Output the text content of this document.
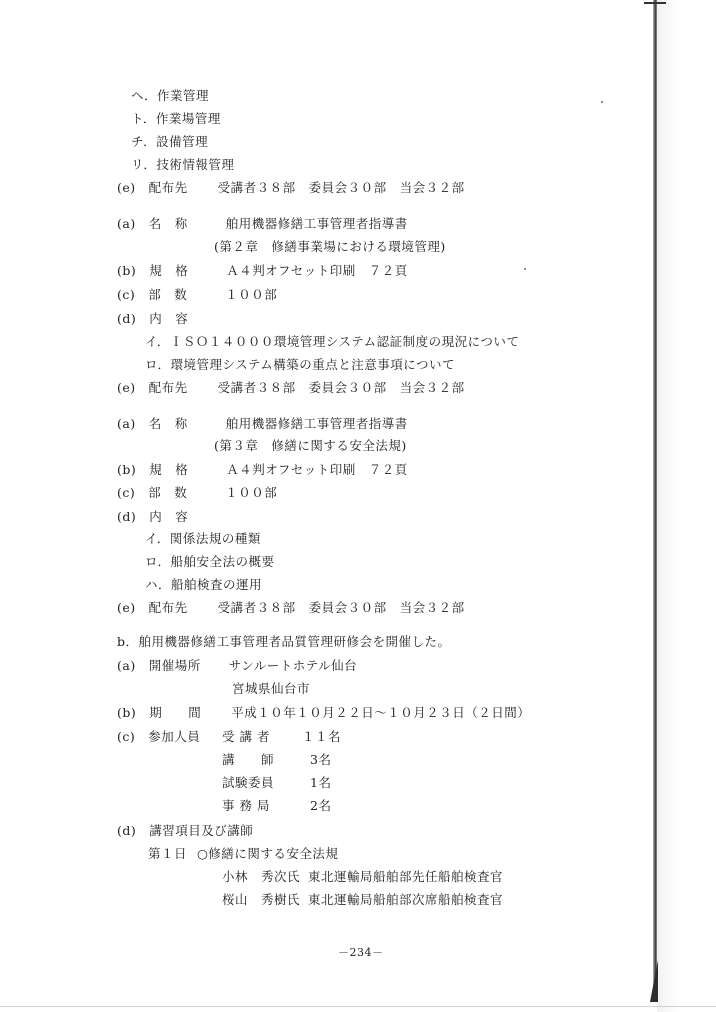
ヘ．作業管理
ト．作業場管理
チ．設備管理
リ．技術情報管理
(e)　配布先 受講者３８部　委員会３０部　当会３２部
(a)　名　称	舶用機器修繕工事管理者指導書
(第２章　修繕事業場における環境管理)
(b)　規　格	Ａ４判オフセット印刷　７２頁
(c)　部　数	１００部
(d)　内　容
イ．ＩＳＯ１４０００環境管理システム認証制度の現況について
ロ．環境管理システム構築の重点と注意事項について
(e)　配布先 受講者３８部　委員会３０部　当会３２部
(a)　名　称	舶用機器修繕工事管理者指導書
(第３章　修繕に関する安全法規)
(b)　規　格	Ａ４判オフセット印刷　７２頁
(c)　部　数	１００部
(d)　内　容
イ．関係法規の種類
ロ．船舶安全法の概要
ハ．船舶検査の運用
(e)　配布先 受講者３８部　委員会３０部　当会３２部
b．舶用機器修繕工事管理者品質管理研修会を開催した。
(a)　開催場所 サンルートホテル仙台
宮城県仙台市
(b)　期　　間 平成１０年１０月２２日～１０月２３日（２日間）
(c)　参加人員 受 講 者	１１名
講　　師	3名
試験委員	1名
事 務 局	2名
(d)　講習項目及び講師
第１日 ○修繕に関する安全法規
小林　秀次氏 東北運輸局船舶部先任船舶検査官
桜山　秀樹氏 東北運輸局船舶部次席船舶検査官
－234－
